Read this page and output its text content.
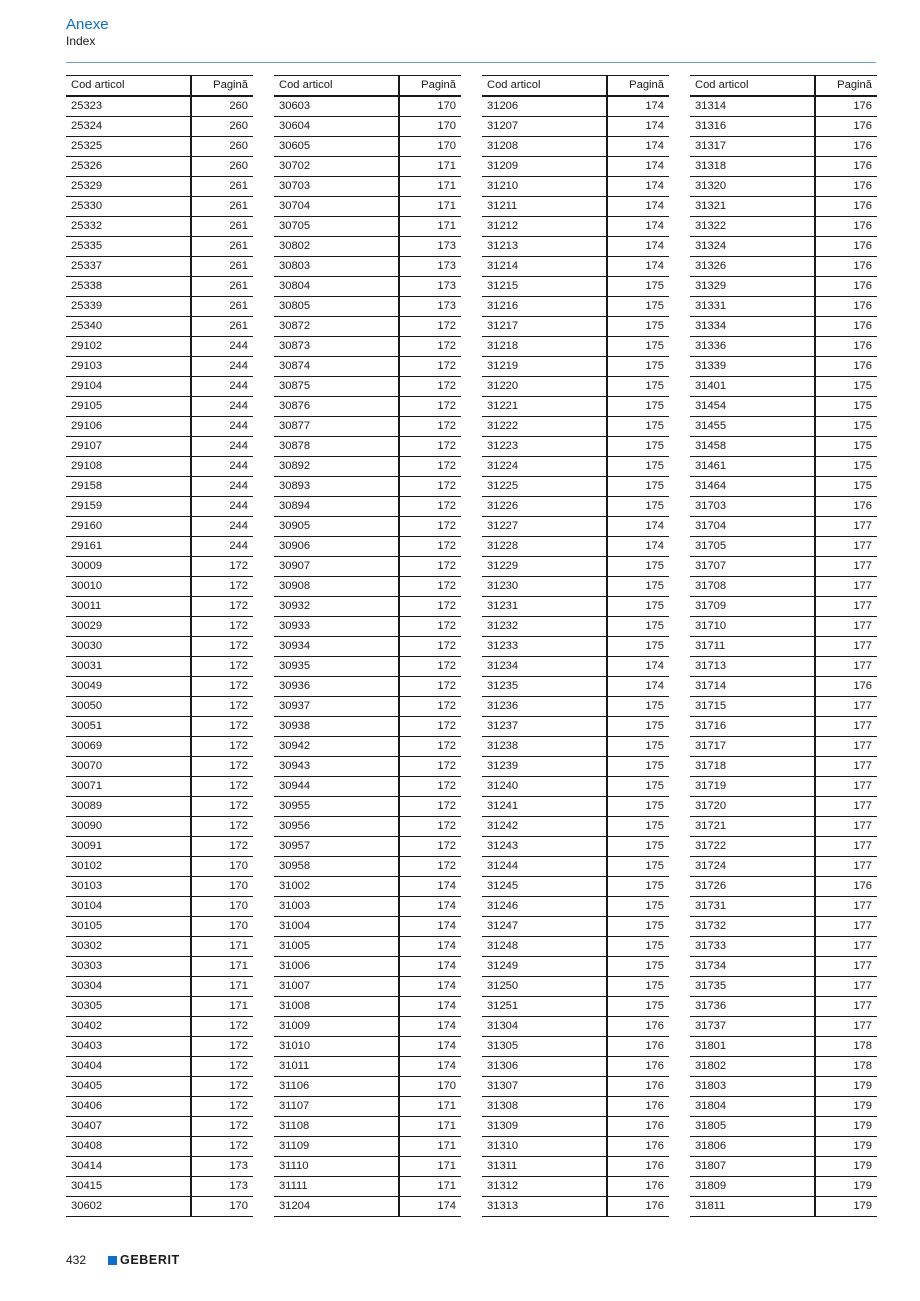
Anexe
Index
Cod articol	Pagină
25323	260
25324	260
25325	260
25326	260
25329	261
25330	261
25332	261
25335	261
25337	261
25338	261
25339	261
25340	261
29102	244
29103	244
29104	244
29105	244
29106	244
29107	244
29108	244
29158	244
29159	244
29160	244
29161	244
30009	172
30010	172
30011	172
30029	172
30030	172
30031	172
30049	172
30050	172
30051	172
30069	172
30070	172
30071	172
30089	172
30090	172
30091	172
30102	170
30103	170
30104	170
30105	170
30302	171
30303	171
30304	171
30305	171
30402	172
30403	172
30404	172
30405	172
30406	172
30407	172
30408	172
30414	173
30415	173
30602	170
Cod articol	Pagină
30603	170
30604	170
30605	170
30702	171
30703	171
30704	171
30705	171
30802	173
30803	173
30804	173
30805	173
30872	172
30873	172
30874	172
30875	172
30876	172
30877	172
30878	172
30892	172
30893	172
30894	172
30905	172
30906	172
30907	172
30908	172
30932	172
30933	172
30934	172
30935	172
30936	172
30937	172
30938	172
30942	172
30943	172
30944	172
30955	172
30956	172
30957	172
30958	172
31002	174
31003	174
31004	174
31005	174
31006	174
31007	174
31008	174
31009	174
31010	174
31011	174
31106	170
31107	171
31108	171
31109	171
31110	171
31111	171
31204	174
Cod articol	Pagină
31206	174
31207	174
31208	174
31209	174
31210	174
31211	174
31212	174
31213	174
31214	174
31215	175
31216	175
31217	175
31218	175
31219	175
31220	175
31221	175
31222	175
31223	175
31224	175
31225	175
31226	175
31227	174
31228	174
31229	175
31230	175
31231	175
31232	175
31233	175
31234	174
31235	174
31236	175
31237	175
31238	175
31239	175
31240	175
31241	175
31242	175
31243	175
31244	175
31245	175
31246	175
31247	175
31248	175
31249	175
31250	175
31251	175
31304	176
31305	176
31306	176
31307	176
31308	176
31309	176
31310	176
31311	176
31312	176
31313	176
Cod articol	Pagină
31314	176
31316	176
31317	176
31318	176
31320	176
31321	176
31322	176
31324	176
31326	176
31329	176
31331	176
31334	176
31336	176
31339	176
31401	175
31454	175
31455	175
31458	175
31461	175
31464	175
31703	176
31704	177
31705	177
31707	177
31708	177
31709	177
31710	177
31711	177
31713	177
31714	176
31715	177
31716	177
31717	177
31718	177
31719	177
31720	177
31721	177
31722	177
31724	177
31726	176
31731	177
31732	177
31733	177
31734	177
31735	177
31736	177
31737	177
31801	178
31802	178
31803	179
31804	179
31805	179
31806	179
31807	179
31809	179
31811	179
432	GEBERIT
